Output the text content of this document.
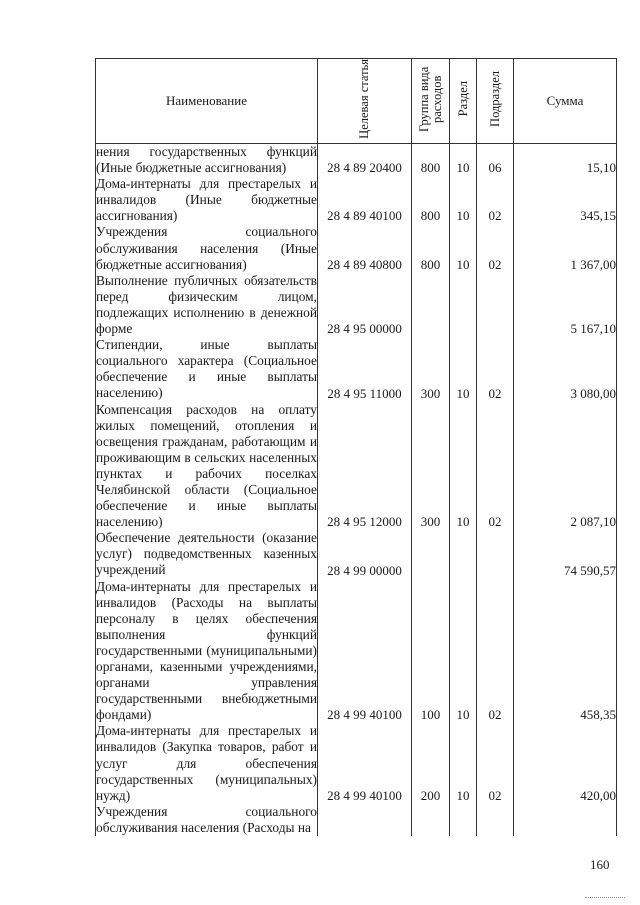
Наименование	Целевая статья	Группа вида расходов	Раздел	Подраздел	Сумма
нения государственных функций (Иные бюджетные ассигнования)	28 4 89 20400	800	10	06	15,10
Дома-интернаты для престарелых и инвалидов (Иные бюджетные ассигнования)	28 4 89 40100	800	10	02	345,15
Учреждения социального обслуживания населения (Иные бюджетные ассигнования)	28 4 89 40800	800	10	02	1 367,00
Выполнение публичных обязательств перед физическим лицом, подлежащих исполнению в денежной форме	28 4 95 00000				5 167,10
Стипендии, иные выплаты социального характера (Социальное обеспечение и иные выплаты населению)	28 4 95 11000	300	10	02	3 080,00
Компенсация расходов на оплату жилых помещений, отопления и освещения гражданам, работающим и проживающим в сельских населенных пунктах и рабочих поселках Челябинской области (Социальное обеспечение и иные выплаты населению)	28 4 95 12000	300	10	02	2 087,10
Обеспечение деятельности (оказание услуг) подведомственных казенных учреждений	28 4 99 00000				74 590,57
Дома-интернаты для престарелых и инвалидов (Расходы на выплаты персоналу в целях обеспечения выполнения функций государственными (муниципальными) органами, казенными учреждениями, органами управления государственными внебюджетными фондами)	28 4 99 40100	100	10	02	458,35
Дома-интернаты для престарелых и инвалидов (Закупка товаров, работ и услуг для обеспечения государственных (муниципальных) нужд)	28 4 99 40100	200	10	02	420,00
Учреждения социального обслуживания населения (Расходы на					
160
